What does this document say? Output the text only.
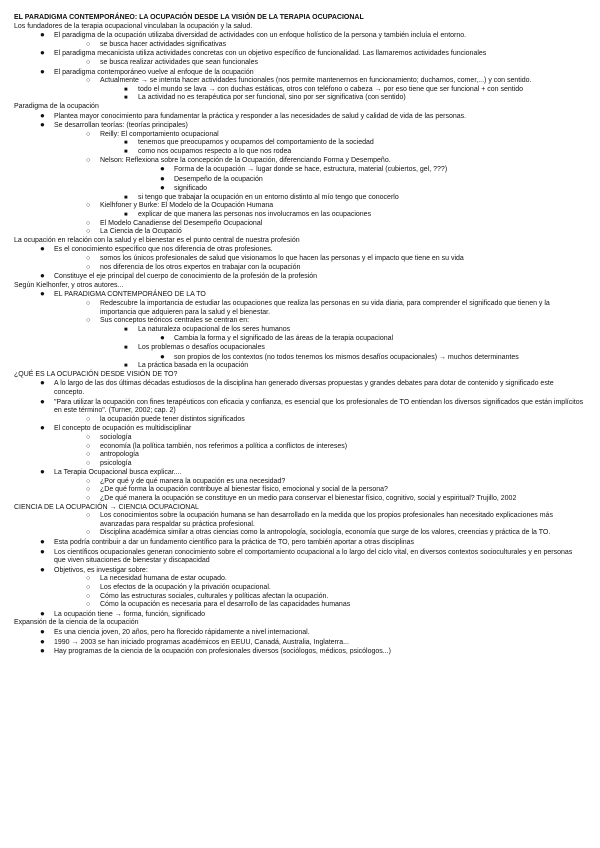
EL PARADIGMA CONTEMPORÁNEO: LA OCUPACIÓN DESDE LA VISIÓN DE LA TERAPIA OCUPACIONAL
Los fundadores de la terapia ocupacional vinculaban la ocupación y la salud.
● El paradigma de la ocupación utilizaba diversidad de actividades con un enfoque holístico de la persona y también incluía el entorno.
○ se busca hacer actividades significativas
● El paradigma mecanicista utiliza actividades concretas con un objetivo específico de funcionalidad. Las llamaremos actividades funcionales
○ se busca realizar actividades que sean funcionales
● El paradigma contemporáneo vuelve al enfoque de la ocupación
○ Actualmente → se intenta hacer actividades funcionales (nos permite mantenernos en funcionamiento; ducharnos, comer,...) y con sentido.
■ todo el mundo se lava → con duchas estáticas, otros con teléfono o cabeza → por eso tiene que ser funcional + con sentido
■ La actividad no es terapéutica por ser funcional, sino por ser significativa (con sentido)
Paradigma de la ocupación
● Plantea mayor conocimiento para fundamentar la práctica y responder a las necesidades de salud y calidad de vida de las personas.
● Se desarrollan teorías: (teorías principales)
○ Reilly: El comportamiento ocupacional
■ tenemos que preocuparnos y ocuparnos del comportamiento de la sociedad
■ como nos ocupamos respecto a lo que nos rodea
○ Nelson: Reflexiona sobre la concepción de la Ocupación, diferenciando Forma y Desempeño.
● Forma de la ocupación → lugar donde se hace, estructura, material (cubiertos, gel, ???)
● Desempeño de la ocupación
● significado
■ si tengo que trabajar la ocupación en un entorno distinto al mío tengo que conocerlo
○ Kielhfoner y Burke: El Modelo de la Ocupación Humana
■ explicar de que manera las personas nos involucramos en las ocupaciones
○ El Modelo Canadiense del Desempeño Ocupacional
○ La Ciencia de la Ocupació
La ocupación en relación con la salud y el bienestar es el punto central de nuestra profesión
● Es el conocimiento específico que nos diferencia de otras profesiones.
○ somos los únicos profesionales de salud que visionamos lo que hacen las personas y el impacto que tiene en su vida
○ nos diferencia de los otros expertos en trabajar con la ocupación
● Constituye el eje principal del cuerpo de conocimiento de la profesión de la profesión
Según Kielhonfer, y otros autores...
● EL PARADIGMA CONTEMPORÁNEO DE LA TO
○ Redescubre la importancia de estudiar las ocupaciones que realiza las personas en su vida diaria, para comprender el significado que tienen y la importancia que adquieren para la salud y el bienestar.
○ Sus conceptos teóricos centrales se centran en:
■ La naturaleza ocupacional de los seres humanos
● Cambia la forma y el significado de las áreas de la terapia ocupacional
■ Los problemas o desafíos ocupacionales
● son propios de los contextos (no todos tenemos los mismos desafíos ocupacionales) → muchos determinantes
■ La práctica basada en la ocupación
¿QUÉ ES LA OCUPACIÓN DESDE VISIÓN DE TO?
● A lo largo de las dos últimas décadas estudiosos de la disciplina han generado diversas propuestas y grandes debates para dotar de contenido y significado este concepto.
● "Para utilizar la ocupación con fines terapéuticos con eficacia y confianza, es esencial que los profesionales de TO entiendan los diversos significados que están implícitos en este término". (Turner, 2002; cap. 2)
○ la ocupación puede tener distintos significados
● El concepto de ocupación es multidisciplinar
○ sociología
○ economía (la política también, nos referimos a política a conflictos de intereses)
○ antropología
○ psicología
● La Terapia Ocupacional busca explicar....
○ ¿Por qué y de qué manera la ocupación es una necesidad?
○ ¿De qué forma la ocupación contribuye al bienestar físico, emocional y social de la persona?
○ ¿De qué manera la ocupación se constituye en un medio para conservar el bienestar físico, cognitivo, social y espiritual? Trujillo, 2002
CIENCIA DE LA OCUPACIÓN → CIENCIA OCUPACIONAL
○ Los conocimientos sobre la ocupación humana se han desarrollado en la medida que los propios profesionales han necesitado explicaciones más avanzadas para respaldar su práctica profesional.
○ Disciplina académica similar a otras ciencias como la antropología, sociología, economía que surge de los valores, creencias y práctica de la TO.
● Esta podría contribuir a dar un fundamento científico para la práctica de TO, pero también aportar a otras disciplinas
● Los científicos ocupacionales generan conocimiento sobre el comportamiento ocupacional a lo largo del ciclo vital, en diversos contextos socioculturales y en personas que viven situaciones de bienestar y discapacidad
● Objetivos, es investigar sobre:
○ La necesidad humana de estar ocupado.
○ Los efectos de la ocupación y la privación ocupacional.
○ Cómo las estructuras sociales, culturales y políticas afectan la ocupación.
○ Cómo la ocupación es necesaria para el desarrollo de las capacidades humanas
● La ocupación tiene → forma, función, significado
Expansión de la ciencia de la ocupación
● Es una ciencia joven, 20 años, pero ha florecido rápidamente a nivel internacional.
● 1990 → 2003 se han iniciado programas académicos en EEUU, Canadá, Australia, Inglaterra...
● Hay programas de la ciencia de la ocupación con profesionales diversos (sociólogos, médicos, psicólogos...)
